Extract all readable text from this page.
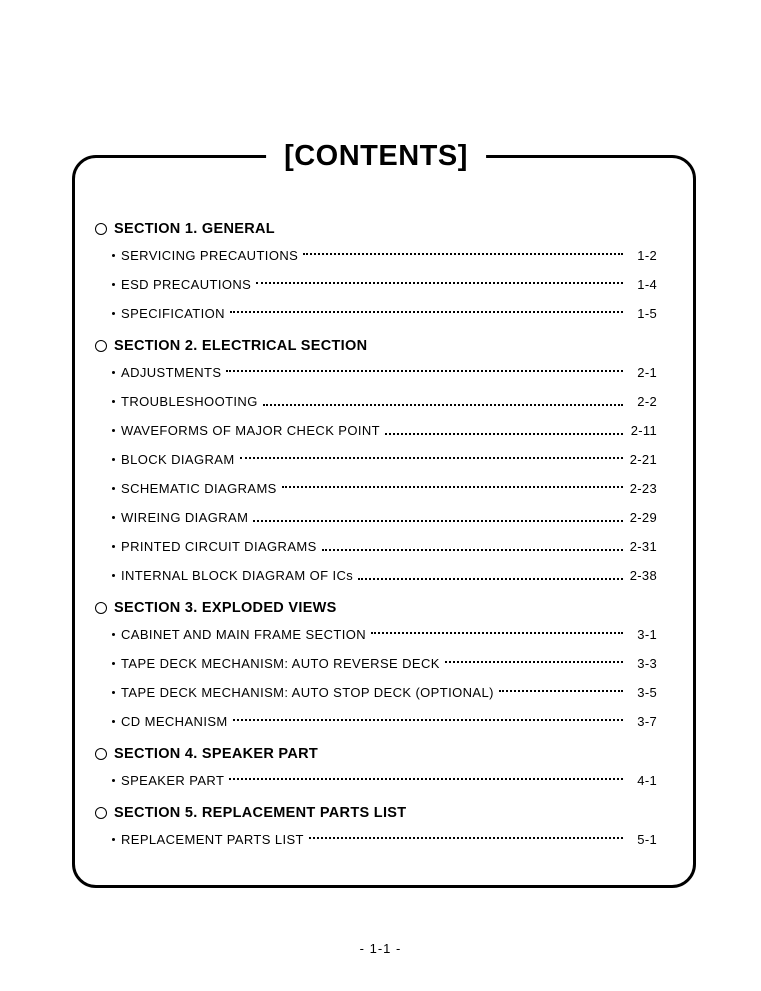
[CONTENTS]
SECTION 1. GENERAL
SERVICING PRECAUTIONS	1-2
ESD PRECAUTIONS	1-4
SPECIFICATION	1-5
SECTION 2. ELECTRICAL SECTION
ADJUSTMENTS	2-1
TROUBLESHOOTING	2-2
WAVEFORMS OF MAJOR CHECK POINT	2-11
BLOCK DIAGRAM	2-21
SCHEMATIC DIAGRAMS	2-23
WIREING DIAGRAM	2-29
PRINTED CIRCUIT DIAGRAMS	2-31
INTERNAL BLOCK DIAGRAM OF ICs	2-38
SECTION 3. EXPLODED VIEWS
CABINET AND MAIN FRAME SECTION	3-1
TAPE DECK MECHANISM: AUTO REVERSE DECK	3-3
TAPE DECK MECHANISM: AUTO STOP DECK (OPTIONAL)	3-5
CD MECHANISM	3-7
SECTION 4. SPEAKER PART
SPEAKER PART	4-1
SECTION 5. REPLACEMENT PARTS LIST
REPLACEMENT PARTS LIST	5-1
- 1-1 -
